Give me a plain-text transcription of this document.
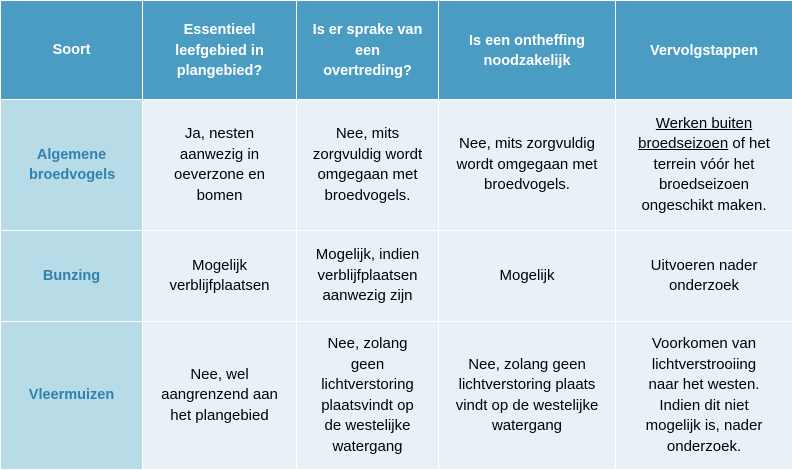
Soort	Essentieel leefgebied in plangebied?	Is er sprake van een overtreding?	Is een ontheffing noodzakelijk	Vervolgstappen
Algemene broedvogels	Ja, nesten aanwezig in oeverzone en bomen	Nee, mits zorgvuldig wordt omgegaan met broedvogels.	Nee, mits zorgvuldig wordt omgegaan met broedvogels.	Werken buiten broedseizoen of het terrein vóór het broedseizoen ongeschikt maken.
Bunzing	Mogelijk verblijfplaatsen	Mogelijk, indien verblijfplaatsen aanwezig zijn	Mogelijk	Uitvoeren nader onderzoek
Vleermuizen	Nee, wel aangrenzend aan het plangebied	Nee, zolang geen lichtverstoring plaatsvindt op de westelijke watergang	Nee, zolang geen lichtverstoring plaats vindt op de westelijke watergang	Voorkomen van lichtverstrooiing naar het westen. Indien dit niet mogelijk is, nader onderzoek.
